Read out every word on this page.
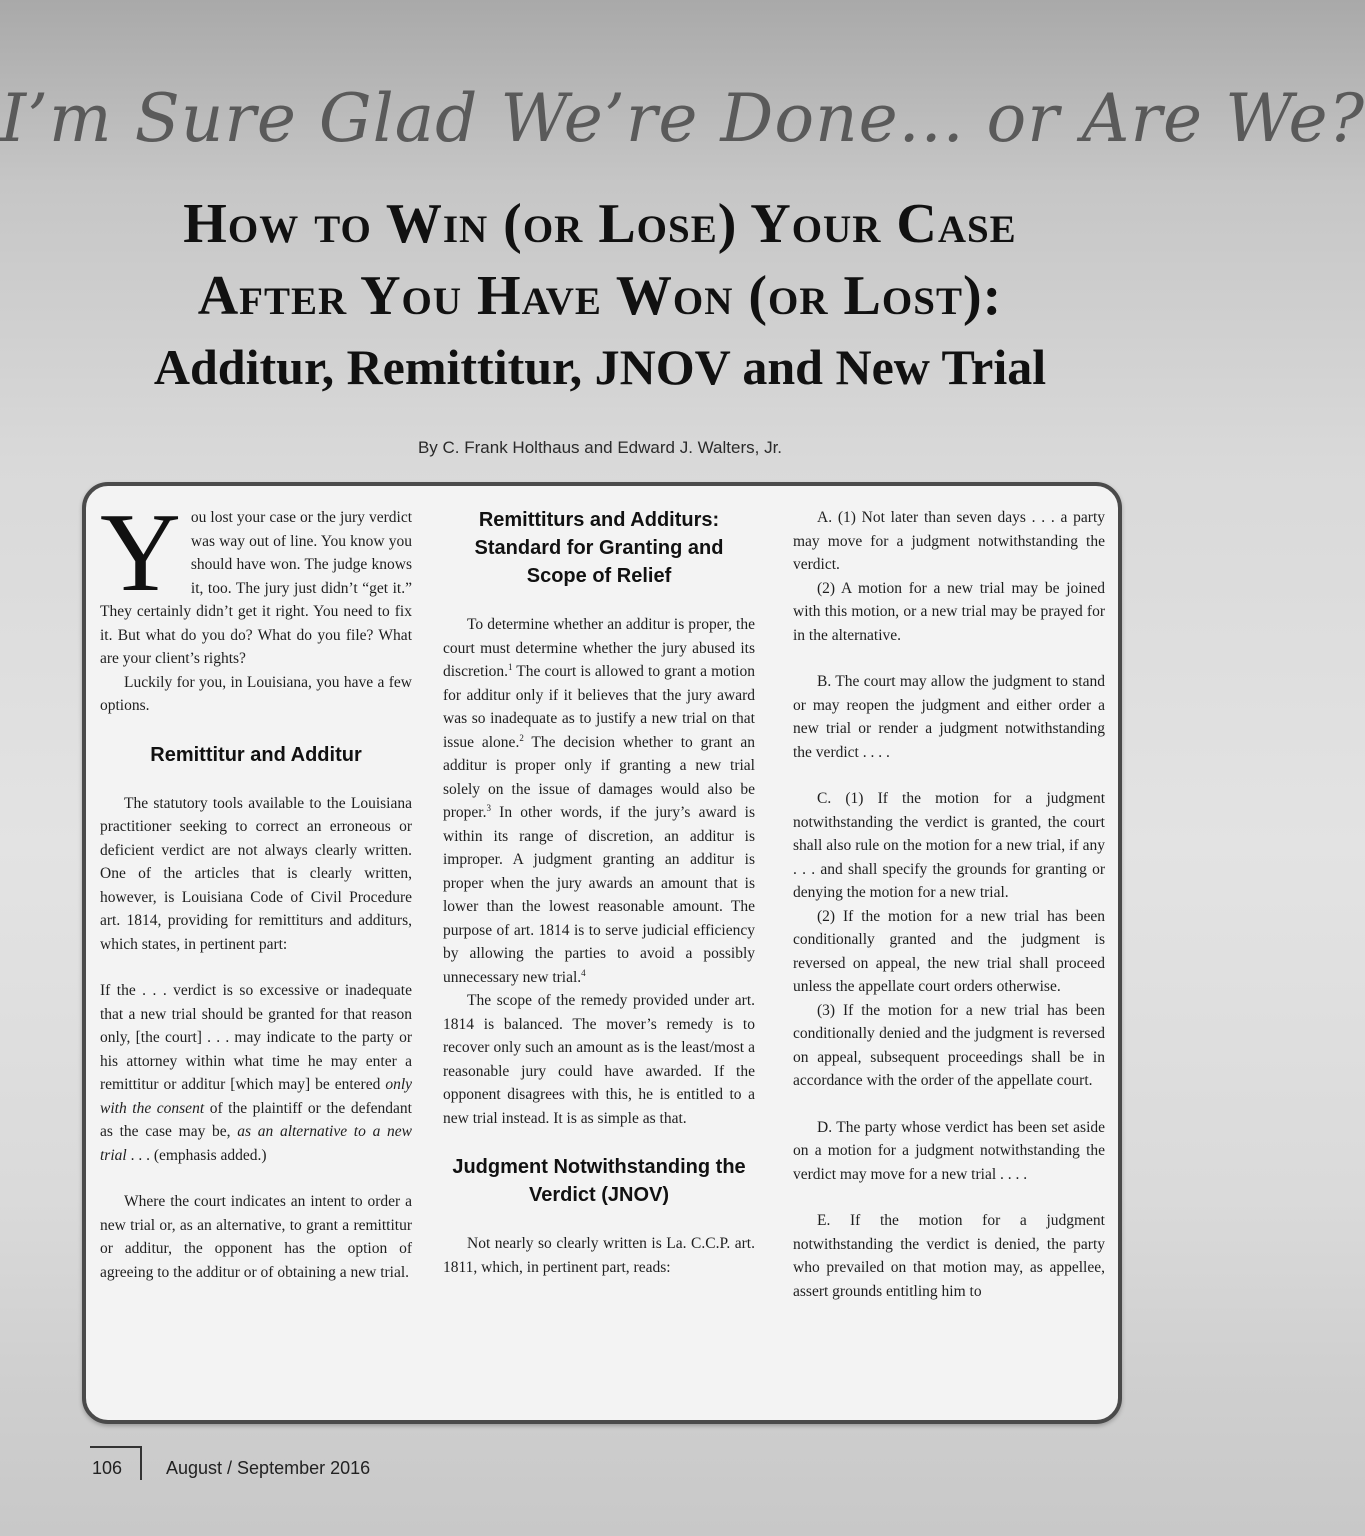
I’m Sure Glad We’re Done... or Are We?
How to Win (or Lose) Your Case
After You Have Won (or Lost):
Additur, Remittitur, JNOV and New Trial
By C. Frank Holthaus and Edward J. Walters, Jr.

You lost your case or the jury verdict was way out of line. You know you should have won. The judge knows it, too. The jury just didn’t “get it.” They certainly didn’t get it right. You need to fix it. But what do you do? What do you file? What are your client’s rights?

Luckily for you, in Louisiana, you have a few options.

Remittitur and Additur

The statutory tools available to the Louisiana practitioner seeking to correct an erroneous or deficient verdict are not always clearly written. One of the articles that is clearly written, however, is Louisiana Code of Civil Procedure art. 1814, providing for remittiturs and additurs, which states, in pertinent part:

If the . . . verdict is so excessive or inadequate that a new trial should be granted for that reason only, [the court] . . . may indicate to the party or his attorney within what time he may enter a remittitur or additur [which may] be entered only with the consent of the plaintiff or the defendant as the case may be, as an alternative to a new trial . . . (emphasis added.)

Where the court indicates an intent to order a new trial or, as an alternative, to grant a remittitur or additur, the opponent has the option of agreeing to the additur or of obtaining a new trial.

Remittiturs and Additurs: Standard for Granting and Scope of Relief

To determine whether an additur is proper, the court must determine whether the jury abused its discretion.$^1$ The court is allowed to grant a motion for additur only if it believes that the jury award was so inadequate as to justify a new trial on that issue alone.$^2$ The decision whether to grant an additur is proper only if granting a new trial solely on the issue of damages would also be proper.$^3$ In other words, if the jury’s award is within its range of discretion, an additur is improper. A judgment granting an additur is proper when the jury awards an amount that is lower than the lowest reasonable amount. The purpose of art. 1814 is to serve judicial efficiency by allowing the parties to avoid a possibly unnecessary new trial.$^4$

The scope of the remedy provided under art. 1814 is balanced. The mover’s remedy is to recover only such an amount as is the least/most a reasonable jury could have awarded. If the opponent disagrees with this, he is entitled to a new trial instead. It is as simple as that.

Judgment Notwithstanding the Verdict (JNOV)

Not nearly so clearly written is La. C.C.P. art. 1811, which, in pertinent part, reads:

A. (1) Not later than seven days . . . a party may move for a judgment notwithstanding the verdict.

(2) A motion for a new trial may be joined with this motion, or a new trial may be prayed for in the alternative.

B. The court may allow the judgment to stand or may reopen the judgment and either order a new trial or render a judgment notwithstanding the verdict . . . .

C. (1) If the motion for a judgment notwithstanding the verdict is granted, the court shall also rule on the motion for a new trial, if any . . . and shall specify the grounds for granting or denying the motion for a new trial.

(2) If the motion for a new trial has been conditionally granted and the judgment is reversed on appeal, the new trial shall proceed unless the appellate court orders otherwise.

(3) If the motion for a new trial has been conditionally denied and the judgment is reversed on appeal, subsequent proceedings shall be in accordance with the order of the appellate court.

D. The party whose verdict has been set aside on a motion for a judgment notwithstanding the verdict may move for a new trial . . . .

E. If the motion for a judgment notwithstanding the verdict is denied, the party who prevailed on that motion may, as appellee, assert grounds entitling him to

106 August / September 2016
